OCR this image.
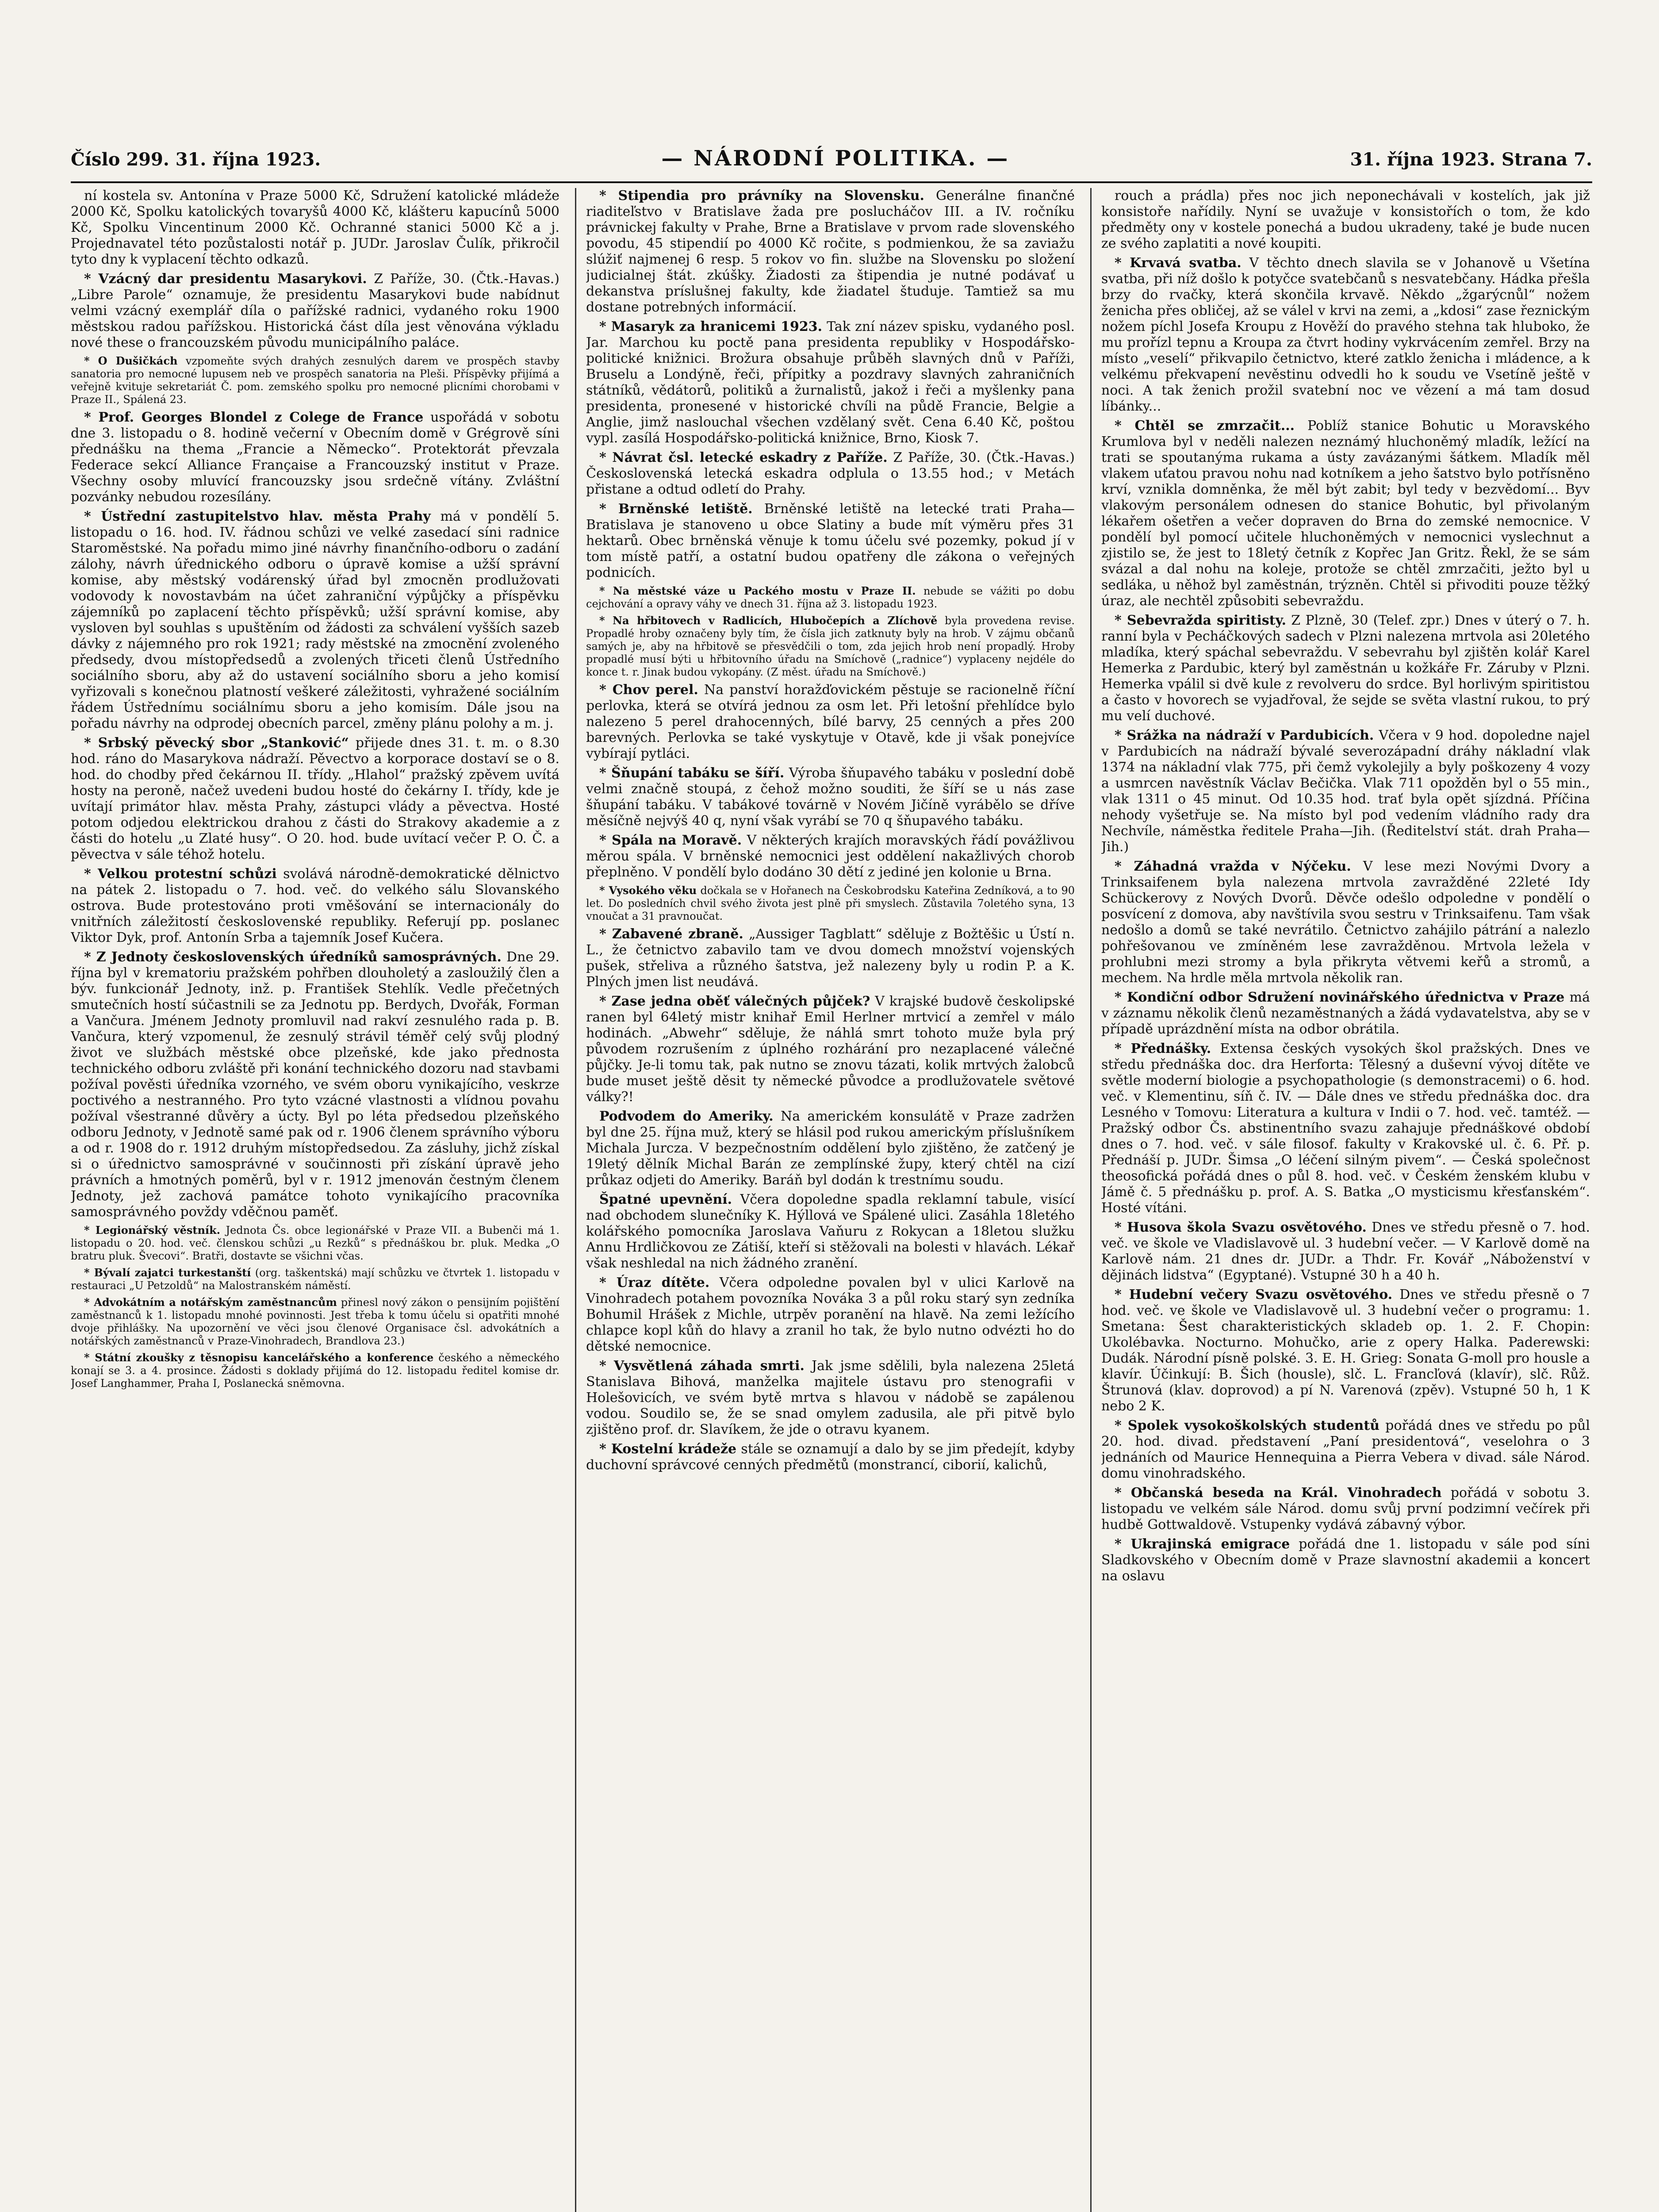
Číslo 299. 31. října 1923.	— NÁRODNÍ POLITIKA. —	31. října 1923. Strana 7.

ní kostela sv. Antonína v Praze 5000 Kč, Sdružení katolické mládeže 2000 Kč, Spolku katolických tovaryšů 4000 Kč, klášteru kapucínů 5000 Kč, Spolku Vincentinum 2000 Kč. Ochranné stanici 5000 Kč a j. Projednavatel této pozůstalosti notář p. JUDr. Jaroslav Čulík, přikročil tyto dny k vyplacení těchto odkazů.

* Vzácný dar presidentu Masarykovi. Z Paříže, 30. (Čtk.-Havas.) „Libre Parole“ oznamuje, že presidentu Masarykovi bude nabídnut velmi vzácný exemplář díla o pařížské radnici, vydaného roku 1900 městskou radou pařížskou. Historická část díla jest věnována výkladu nové these o francouzském původu municipálního paláce.

* O Dušičkách vzpomeňte svých drahých zesnulých darem ve prospěch stavby sanatoria pro nemocné lupusem neb ve prospěch sanatoria na Pleši. Příspěvky přijímá a veřejně kvituje sekretariát Č. pom. zemského spolku pro nemocné plicními chorobami v Praze II., Spálená 23.

* Prof. Georges Blondel z Colege de France uspořádá v sobotu dne 3. listopadu o 8. hodině večerní v Obecním domě v Grégrově síni přednášku na thema „Francie a Německo“. Protektorát převzala Federace sekcí Alliance Française a Francouzský institut v Praze. Všechny osoby mluvící francouzsky jsou srdečně vítány. Zvláštní pozvánky nebudou rozesílány.

* Ústřední zastupitelstvo hlav. města Prahy má v pondělí 5. listopadu o 16. hod. IV. řádnou schůzi ve velké zasedací síni radnice Staroměstské. Na pořadu mimo jiné návrhy finančního-odboru o zadání zálohy, návrh úřednického odboru o úpravě komise a užší správní komise, aby městský vodárenský úřad byl zmocněn prodlužovati vodovody k novostavbám na účet zahraniční výpůjčky a příspěvku zájemníků po zaplacení těchto příspěvků; užší správní komise, aby vysloven byl souhlas s upuštěním od žádosti za schválení vyšších sazeb dávky z nájemného pro rok 1921; rady městské na zmocnění zvoleného předsedy, dvou místopředsedů a zvolených třiceti členů Ústředního sociálního sboru, aby až do ustavení sociálního sboru a jeho komisí vyřizovali s konečnou platností veškeré záležitosti, vyhražené sociálním řádem Ústřednímu sociálnímu sboru a jeho komisím. Dále jsou na pořadu návrhy na odprodej obecních parcel, změny plánu polohy a m. j.

* Srbský pěvecký sbor „Stanković“ přijede dnes 31. t. m. o 8.30 hod. ráno do Masarykova nádraží. Pěvectvo a korporace dostaví se o 8. hod. do chodby před čekárnou II. třídy. „Hlahol“ pražský zpěvem uvítá hosty na peroně, načež uvedeni budou hosté do čekárny I. třídy, kde je uvítají primátor hlav. města Prahy, zástupci vlády a pěvectva. Hosté potom odjedou elektrickou drahou z části do Strakovy akademie a z části do hotelu „u Zlaté husy“. O 20. hod. bude uvítací večer P. O. Č. a pěvectva v sále téhož hotelu.

* Velkou protestní schůzi svolává národně-demokratické dělnictvo na pátek 2. listopadu o 7. hod. več. do velkého sálu Slovanského ostrova. Bude protestováno proti vměšování se internacionály do vnitřních záležitostí československé republiky. Referují pp. poslanec Viktor Dyk, prof. Antonín Srba a tajemník Josef Kučera.

* Z Jednoty československých úředníků samosprávných. Dne 29. října byl v krematoriu pražském pohřben dlouholetý a zasloužilý člen a býv. funkcionář Jednoty, inž. p. František Stehlík. Vedle přečetných smutečních hostí súčastnili se za Jednotu pp. Berdych, Dvořák, Forman a Vančura. Jménem Jednoty promluvil nad rakví zesnulého rada p. B. Vančura, který vzpomenul, že zesnulý strávil téměř celý svůj plodný život ve službách městské obce plzeňské, kde jako přednosta technického odboru zvláště při konání technického dozoru nad stavbami požíval pověsti úředníka vzorného, ve svém oboru vynikajícího, veskrze poctivého a nestranného. Pro tyto vzácné vlastnosti a vlídnou povahu požíval všestranné důvěry a úcty. Byl po léta předsedou plzeňského odboru Jednoty, v Jednotě samé pak od r. 1906 členem správního výboru a od r. 1908 do r. 1912 druhým místopředsedou. Za zásluhy, jichž získal si o úřednictvo samosprávné v součinnosti při získání úpravě jeho právních a hmotných poměrů, byl v r. 1912 jmenován čestným členem Jednoty, jež zachová památce tohoto vynikajícího pracovníka samosprávného povždy vděčnou paměť.

* Legionářský věstník. Jednota Čs. obce legionářské v Praze VII. a Bubenči má 1. listopadu o 20. hod. več. členskou schůzi „u Rezků“ s přednáškou br. pluk. Medka „O bratru pluk. Švecovi“. Bratři, dostavte se všichni včas.

* Bývalí zajatci turkestanští (org. taškentská) mají schůzku ve čtvrtek 1. listopadu v restauraci „U Petzoldů“ na Malostranském náměstí.

* Advokátním a notářským zaměstnancům přinesl nový zákon o pensijním pojištění zaměstnanců k 1. listopadu mnohé povinnosti. Jest třeba k tomu účelu si opatřiti mnohé dvoje přihlášky. Na upozornění ve věci jsou členové Organisace čsl. advokátních a notářských zaměstnanců v Praze-Vinohradech, Brandlova 23.)

* Státní zkoušky z těsnopisu kancelářského a konference českého a německého konají se 3. a 4. prosince. Žádosti s doklady přijímá do 12. listopadu ředitel komise dr. Josef Langhammer, Praha I, Poslanecká sněmovna.

* Stipendia pro právníky na Slovensku. Generálne finančné riaditeľstvo v Bratislave žada pre poslucháčov III. a IV. ročníku právnickej fakulty v Prahe, Brne a Bratislave v prvom rade slovenského povodu, 45 stipendií po 4000 Kč ročite, s podmienkou, že sa zaviažu slúžiť najmenej 6 resp. 5 rokov vo fin. službe na Slovensku po složení judicialnej štát. zkúšky. Žiadosti za štipendia je nutné podávať u dekanstva príslušnej fakulty, kde žiadatel študuje. Tamtiež sa mu dostane potrebných informácií.

* Masaryk za hranicemi 1923. Tak zní název spisku, vydaného posl. Jar. Marchou ku poctě pana presidenta republiky v Hospodářsko-politické knižnici. Brožura obsahuje průběh slavných dnů v Paříži, Bruselu a Londýně, řeči, přípitky a pozdravy slavných zahraničních státníků, vědátorů, politiků a žurnalistů, jakož i řeči a myšlenky pana presidenta, pronesené v historické chvíli na půdě Francie, Belgie a Anglie, jimž naslouchal všechen vzdělaný svět. Cena 6.40 Kč, poštou vypl. zasílá Hospodářsko-politická knižnice, Brno, Kiosk 7.

* Návrat čsl. letecké eskadry z Paříže. Z Paříže, 30. (Čtk.-Havas.) Československá letecká eskadra odplula o 13.55 hod.; v Metách přistane a odtud odletí do Prahy.

* Brněnské letiště. Brněnské letiště na letecké trati Praha—Bratislava je stanoveno u obce Slatiny a bude mít výměru přes 31 hektarů. Obec brněnská věnuje k tomu účelu své pozemky, pokud jí v tom místě patří, a ostatní budou opatřeny dle zákona o veřejných podnicích.

* Na městské váze u Packého mostu v Praze II. nebude se vážiti po dobu cejchování a opravy váhy ve dnech 31. října až 3. listopadu 1923.

* Na hřbitovech v Radlicích, Hlubočepích a Zlíchově byla provedena revise. Propadlé hroby označeny byly tím, že čísla jich zatknuty byly na hrob. V zájmu občanů samých je, aby na hřbitově se přesvědčili o tom, zda jejich hrob není propadlý. Hroby propadlé musí býti u hřbitovního úřadu na Smíchově („radnice“) vyplaceny nejdéle do konce t. r. Jinak budou vykopány. (Z měst. úřadu na Smíchově.)

* Chov perel. Na panství horažďovickém pěstuje se racionelně říční perlovka, která se otvírá jednou za osm let. Při letošní přehlídce bylo nalezeno 5 perel drahocenných, bílé barvy, 25 cenných a přes 200 barevných. Perlovka se také vyskytuje v Otavě, kde ji však ponejvíce vybírají pytláci.

* Šňupání tabáku se šíří. Výroba šňupavého tabáku v poslední době velmi značně stoupá, z čehož možno souditi, že šíří se u nás zase šňupání tabáku. V tabákové továrně v Novém Jičíně vyrábělo se dříve měsíčně nejvýš 40 q, nyní však vyrábí se 70 q šňupavého tabáku.

* Spála na Moravě. V některých krajích moravských řádí povážlivou měrou spála. V brněnské nemocnici jest oddělení nakažlivých chorob přeplněno. V pondělí bylo dodáno 30 dětí z jediné jen kolonie u Brna.

* Vysokého věku dočkala se v Hořanech na Českobrodsku Kateřina Zedníková, a to 90 let. Do posledních chvil svého života jest plně při smyslech. Zůstavila 7oletého syna, 13 vnoučat a 31 pravnoučat.

* Zabavené zbraně. „Aussiger Tagblatt“ sděluje z Božtěšic u Ústí n. L., že četnictvo zabavilo tam ve dvou domech množství vojenských pušek, střeliva a různého šatstva, jež nalezeny byly u rodin P. a K. Plných jmen list neudává.

* Zase jedna oběť válečných půjček? V krajské budově českolipské ranen byl 64letý mistr knihař Emil Herlner mrtvicí a zemřel v málo hodinách. „Abwehr“ sděluje, že náhlá smrt tohoto muže byla prý původem rozrušením z úplného rozhárání pro nezaplacené válečné půjčky. Je-li tomu tak, pak nutno se znovu tázati, kolik mrtvých žalobců bude muset ještě děsit ty německé původce a prodlužovatele světové války?!

Podvodem do Ameriky. Na americkém konsulátě v Praze zadržen byl dne 25. října muž, který se hlásil pod rukou americkým příslušníkem Michala Jurcza. V bezpečnostním oddělení bylo zjištěno, že zatčený je 19letý dělník Michal Barán ze zemplínské župy, který chtěl na cizí průkaz odjeti do Ameriky. Baráň byl dodán k trestnímu soudu.

Špatné upevnění. Včera dopoledne spadla reklamní tabule, visící nad obchodem slunečníky K. Hýllová ve Spálené ulici. Zasáhla 18letého kolářského pomocníka Jaroslava Vaňuru z Rokycan a 18letou služku Annu Hrdličkovou ze Zátiší, kteří si stěžovali na bolesti v hlavách. Lékař však neshledal na nich žádného zranění.

* Úraz dítěte. Včera odpoledne povalen byl v ulici Karlově na Vinohradech potahem povozníka Nováka 3 a půl roku starý syn zedníka Bohumil Hrášek z Michle, utrpěv poranění na hlavě. Na zemi ležícího chlapce kopl kůň do hlavy a zranil ho tak, že bylo nutno odvézti ho do dětské nemocnice.

* Vysvětlená záhada smrti. Jak jsme sdělili, byla nalezena 25letá Stanislava Bihová, manželka majitele ústavu pro stenografii v Holešovicích, ve svém bytě mrtva s hlavou v nádobě se zapálenou vodou. Soudilo se, že se snad omylem zadusila, ale při pitvě bylo zjištěno prof. dr. Slavíkem, že jde o otravu kyanem.

* Kostelní krádeže stále se oznamují a dalo by se jim předejít, kdyby duchovní správcové cenných předmětů (monstrancí, ciborií, kalichů,

rouch a prádla) přes noc jich neponechávali v kostelích, jak již konsistoře nařídily. Nyní se uvažuje v konsistořích o tom, že kdo předměty ony v kostele ponechá a budou ukradeny, také je bude nucen ze svého zaplatiti a nové koupiti.

* Krvavá svatba. V těchto dnech slavila se v Johanově u Všetína svatba, při níž došlo k potyčce svatebčanů s nesvatebčany. Hádka přešla brzy do rvačky, která skončila krvavě. Někdo „žgarýcnůl“ nožem ženicha přes obličej, až se válel v krvi na zemi, a „kdosi“ zase řeznickým nožem píchl Josefa Kroupu z Hověží do pravého stehna tak hluboko, že mu prořízl tepnu a Kroupa za čtvrt hodiny vykrvácením zemřel. Brzy na místo „veselí“ přikvapilo četnictvo, které zatklo ženicha i mládence, a k velkému překvapení nevěstinu odvedli ho k soudu ve Vsetíně ještě v noci. A tak ženich prožil svatební noc ve vězení a má tam dosud líbánky...

* Chtěl se zmrzačit... Poblíž stanice Bohutic u Moravského Krumlova byl v neděli nalezen neznámý hluchoněmý mladík, ležící na trati se spoutanýma rukama a ústy zavázanými šátkem. Mladík měl vlakem uťatou pravou nohu nad kotníkem a jeho šatstvo bylo potřísněno krví, vznikla domněnka, že měl být zabit; byl tedy v bezvědomí... Byv vlakovým personálem odnesen do stanice Bohutic, byl přivolaným lékařem ošetřen a večer dopraven do Brna do zemské nemocnice. V pondělí byl pomocí učitele hluchoněmých v nemocnici vyslechnut a zjistilo se, že jest to 18letý četník z Kopřec Jan Gritz. Řekl, že se sám svázal a dal nohu na koleje, protože se chtěl zmrzačiti, ježto byl u sedláka, u něhož byl zaměstnán, trýzněn. Chtěl si přivoditi pouze těžký úraz, ale nechtěl způsobiti sebevraždu.

* Sebevražda spiritisty. Z Plzně, 30 (Telef. zpr.) Dnes v úterý o 7. h. ranní byla v Pecháčkových sadech v Plzni nalezena mrtvola asi 20letého mladíka, který spáchal sebevraždu. V sebevrahu byl zjištěn kolář Karel Hemerka z Pardubic, který byl zaměstnán u kožkáře Fr. Záruby v Plzni. Hemerka vpálil si dvě kule z revolveru do srdce. Byl horlivým spiritistou a často v hovorech se vyjadřoval, že sejde se světa vlastní rukou, to prý mu velí duchové.

* Srážka na nádraží v Pardubicích. Včera v 9 hod. dopoledne najel v Pardubicích na nádraží bývalé severozápadní dráhy nákladní vlak 1374 na nákladní vlak 775, při čemž vykolejily a byly poškozeny 4 vozy a usmrcen navěstník Václav Bečička. Vlak 711 opožděn byl o 55 min., vlak 1311 o 45 minut. Od 10.35 hod. trať byla opět sjízdná. Příčina nehody vyšetřuje se. Na místo byl pod vedením vládního rady dra Nechvíle, náměstka ředitele Praha—Jih. (Ředitelství stát. drah Praha—Jih.)

* Záhadná vražda v Nýčeku. V lese mezi Novými Dvory a Trinksaifenem byla nalezena mrtvola zavražděné 22leté Idy Schückerovy z Nových Dvorů. Děvče odešlo odpoledne v pondělí o posvícení z domova, aby navštívila svou sestru v Trinksaifenu. Tam však nedošlo a domů se také nevrátilo. Četnictvo zahájilo pátrání a nalezlo pohřešovanou ve zmíněném lese zavražděnou. Mrtvola ležela v prohlubni mezi stromy a byla přikryta větvemi keřů a stromů, a mechem. Na hrdle měla mrtvola několik ran.

* Kondiční odbor Sdružení novinářského úřednictva v Praze má v záznamu několik členů nezaměstnaných a žádá vydavatelstva, aby se v případě uprázdnění místa na odbor obrátila.

* Přednášky. Extensa českých vysokých škol pražských. Dnes ve středu přednáška doc. dra Herforta: Tělesný a duševní vývoj dítěte ve světle moderní biologie a psychopathologie (s demonstracemi) o 6. hod. več. v Klementinu, síň č. IV. — Dále dnes ve středu přednáška doc. dra Lesného v Tomovu: Literatura a kultura v Indii o 7. hod. več. tamtéž. — Pražský odbor Čs. abstinentního svazu zahajuje přednáškové období dnes o 7. hod. več. v sále filosof. fakulty v Krakovské ul. č. 6. Př. p. Přednáší p. JUDr. Šimsa „O léčení silným pivem“. — Česká společnost theosofická pořádá dnes o půl 8. hod. več. v Českém ženském klubu v Jámě č. 5 přednášku p. prof. A. S. Batka „O mysticismu křesťanském“. Hosté vítáni.

* Husova škola Svazu osvětového. Dnes ve středu přesně o 7. hod. več. ve škole ve Vladislavově ul. 3 hudební večer. — V Karlově domě na Karlově nám. 21 dnes dr. JUDr. a Thdr. Fr. Kovář „Náboženství v dějinách lidstva“ (Egyptané). Vstupné 30 h a 40 h.

* Hudební večery Svazu osvětového. Dnes ve středu přesně o 7 hod. več. ve škole ve Vladislavově ul. 3 hudební večer o programu: 1. Smetana: Šest charakteristických skladeb op. 1. 2. F. Chopin: Ukolébavka. Nocturno. Mohučko, arie z opery Halka. Paderewski: Dudák. Národní písně polské. 3. E. H. Grieg: Sonata G-moll pro housle a klavír. Účinkují: B. Šich (housle), slč. L. Francľová (klavír), slč. Růž. Štrunová (klav. doprovod) a pí N. Varenová (zpěv). Vstupné 50 h, 1 K nebo 2 K.

* Spolek vysokoškolských studentů pořádá dnes ve středu po půl 20. hod. divad. představení „Paní presidentová“, veselohra o 3 jednáních od Maurice Hennequina a Pierra Vebera v divad. sále Národ. domu vinohradského.

* Občanská beseda na Král. Vinohradech pořádá v sobotu 3. listopadu ve velkém sále Národ. domu svůj první podzimní večírek při hudbě Gottwaldově. Vstupenky vydává zábavný výbor.

* Ukrajinská emigrace pořádá dne 1. listopadu v sále pod síni Sladkovského v Obecním domě v Praze slavnostní akademii a koncert na oslavu
